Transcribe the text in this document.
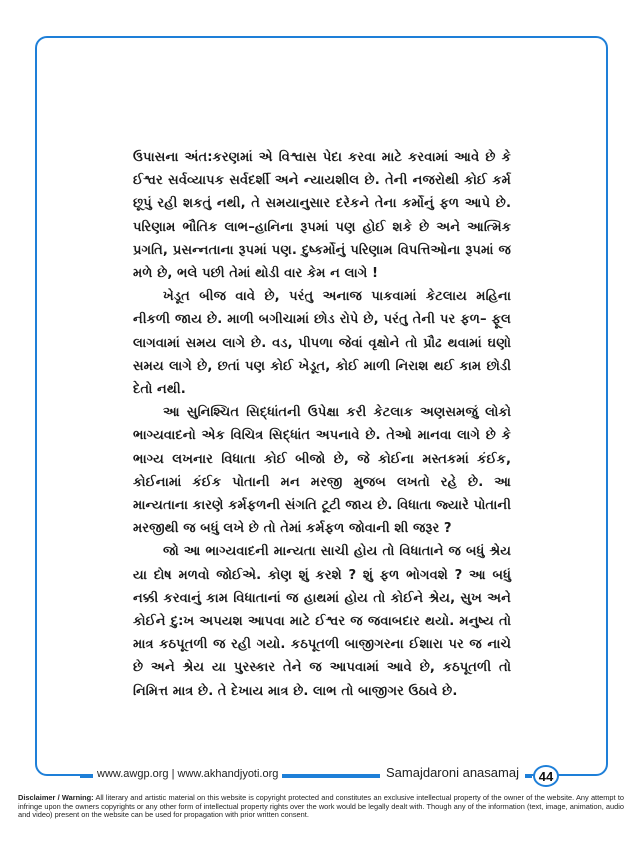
ઉપાસના અંત:કરણમાં એ વિશ્વાસ પેદા કરવા માટે કરવામાં આવે છે કે ઈશ્વર સર્વવ્યાપક સર્વદર્શી અને ન્યાયશીલ છે. તેની નજરોથી કોઈ કર્મ છૂપું રહી શકતું નથી, તે સમયાનુસાર દરેકને તેના કર્મોનું ફળ આપે છે. પરિણામ ભૌતિક લાભ–હાનિના રૂપમાં પણ હોઈ શકે છે અને આત્મિક પ્રગતિ, પ્રસન્નતાના રૂપમાં પણ. દુષ્કર્મોનું પરિણામ વિપત્તિઓના રૂપમાં જ મળે છે, ભલે પછી તેમાં થોડી વાર કેમ ન લાગે !

ખેડૂત બીજ વાવે છે, પરંતુ અનાજ પાકવામાં કેટલાય મહિના નીકળી જાય છે. માળી બગીચામાં છોડ રોપે છે, પરંતુ તેની પર ફળ– ફૂલ લાગવામાં સમય લાગે છે. વડ, પીપળા જેવાં વૃક્ષોને તો પ્રૌઢ થવામાં ઘણો સમય લાગે છે, છતાં પણ કોઈ ખેડૂત, કોઈ માળી નિરાશ થઈ કામ છોડી દેતો નથી.

આ સુનિશ્ચિત સિદ્ધાંતની ઉપેક્ષા કરી કેટલાક અણસમજું લોકો ભાગ્યવાદનો એક વિચિત્ર સિદ્ધાંત અપનાવે છે. તેઓ માનવા લાગે છે કે ભાગ્ય લખનાર વિધાતા કોઈ બીજો છે, જે કોઈના મસ્તકમાં કંઈક, કોઈનામાં કંઈક પોતાની મન મરજી મુજબ લખતો રહે છે. આ માન્યતાના કારણે કર્મફળની સંગતિ ટૂટી જાય છે. વિધાતા જ્યારે પોતાની મરજીથી જ બધું લખે છે તો તેમાં કર્મફળ જોવાની શી જરૂર ?

જો આ ભાગ્યવાદની માન્યતા સાચી હોય તો વિધાતાને જ બધું શ્રેય યા દોષ મળવો જોઈએ. કોણ શું કરશે ? શું ફળ ભોગવશે ? આ બધું નક્કી કરવાનું કામ વિધાતાનાં જ હાથમાં હોય તો કોઈને શ્રેય, સુખ અને કોઈને દુ:ખ અપયશ આપવા માટે ઈશ્વર જ જવાબદાર થયો. મનુષ્ય તો માત્ર કઠપૂતળી જ રહી ગયો. કઠપૂતળી બાજીગરના ઈશારા પર જ નાચે છે અને શ્રેય યા પુરસ્કાર તેને જ આપવામાં આવે છે, કઠપૂતળી તો નિમિત્ત માત્ર છે. તે દેખાય માત્ર છે. લાભ તો બાજીગર ઉઠાવે છે.

www.awgp.org | www.akhandjyoti.org	Samajdaroni anasamaj	44
Disclaimer / Warning: All literary and artistic material on this website is copyright protected and constitutes an exclusive intellectual property of the owner of the website. Any attempt to infringe upon the owners copyrights or any other form of intellectual property rights over the work would be legally dealt with. Though any of the information (text, image, animation, audio and video) present on the website can be used for propagation with prior written consent.
